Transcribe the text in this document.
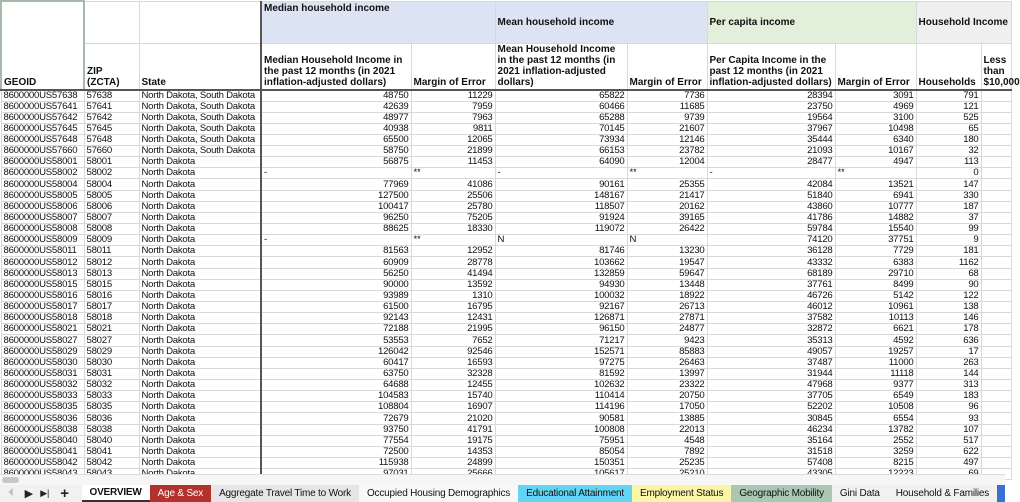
			Median household income		Mean household income		Per capita income		Household Income	
GEOID	ZIP (ZCTA)	State	Median Household Income in the past 12 months (in 2021 inflation-adjusted dollars)	Margin of Error	Mean Household Income in the past 12 months (in 2021 inflation-adjusted dollars)	Margin of Error	Per Capita Income in the past 12 months (in 2021 inflation-adjusted dollars)	Margin of Error	Households	Less than $10,000
8600000US57638	57638	North Dakota, South Dakota	48750	11229	65822	7736	28394	3091	791	
8600000US57641	57641	North Dakota, South Dakota	42639	7959	60466	11685	23750	4969	121	
8600000US57642	57642	North Dakota, South Dakota	48977	7963	65288	9739	19564	3100	525	
8600000US57645	57645	North Dakota, South Dakota	40938	9811	70145	21607	37967	10498	65	
8600000US57648	57648	North Dakota, South Dakota	65500	12065	73934	12146	35444	6340	180	
8600000US57660	57660	North Dakota, South Dakota	58750	21899	66153	23782	21093	10167	32	
8600000US58001	58001	North Dakota	56875	11453	64090	12004	28477	4947	113	
8600000US58002	58002	North Dakota	-	**	-	**	-	**	0	
8600000US58004	58004	North Dakota	77969	41086	90161	25355	42084	13521	147	
8600000US58005	58005	North Dakota	127500	25506	148167	21417	51840	6941	330	
8600000US58006	58006	North Dakota	100417	25780	118507	20162	43860	10777	187	
8600000US58007	58007	North Dakota	96250	75205	91924	39165	41786	14882	37	
8600000US58008	58008	North Dakota	88625	18330	119072	26422	59784	15540	99	
8600000US58009	58009	North Dakota	-	**	N	N	74120	37751	9	
8600000US58011	58011	North Dakota	81563	12952	81746	13230	36128	7729	181	
8600000US58012	58012	North Dakota	60909	28778	103662	19547	43332	6383	1162	
8600000US58013	58013	North Dakota	56250	41494	132859	59647	68189	29710	68	
8600000US58015	58015	North Dakota	90000	13592	94930	13448	37761	8499	90	
8600000US58016	58016	North Dakota	93989	1310	100032	18922	46726	5142	122	
8600000US58017	58017	North Dakota	61500	16795	92167	26713	46012	10961	138	
8600000US58018	58018	North Dakota	92143	12431	126871	27871	37582	10113	146	
8600000US58021	58021	North Dakota	72188	21995	96150	24877	32872	6621	178	
8600000US58027	58027	North Dakota	53553	7652	71217	9423	35313	4592	636	
8600000US58029	58029	North Dakota	126042	92546	152571	85883	49057	19257	17	
8600000US58030	58030	North Dakota	60417	16593	97275	26463	37487	11000	263	
8600000US58031	58031	North Dakota	63750	32328	81592	13997	31944	11118	144	
8600000US58032	58032	North Dakota	64688	12455	102632	23322	47968	9377	313	
8600000US58033	58033	North Dakota	104583	15740	110414	20750	37705	6549	183	
8600000US58035	58035	North Dakota	108804	16907	114196	17050	52202	10508	96	
8600000US58036	58036	North Dakota	72679	21020	90581	13885	30845	6554	93	
8600000US58038	58038	North Dakota	93750	41791	100808	22013	46234	13782	107	
8600000US58040	58040	North Dakota	77554	19175	75951	4548	35164	2552	517	
8600000US58041	58041	North Dakota	72500	14353	85054	7892	31518	3259	622	
8600000US58042	58042	North Dakota	115938	24899	150351	25235	57408	8215	497	

⏴	▶ ▶| +	OVERVIEW	Age & Sex	Aggregate Travel Time to Work	Occupied Housing Demographics	Educational Attainment	Employment Status	Geographic Mobility	Gini Data	Household & Families
